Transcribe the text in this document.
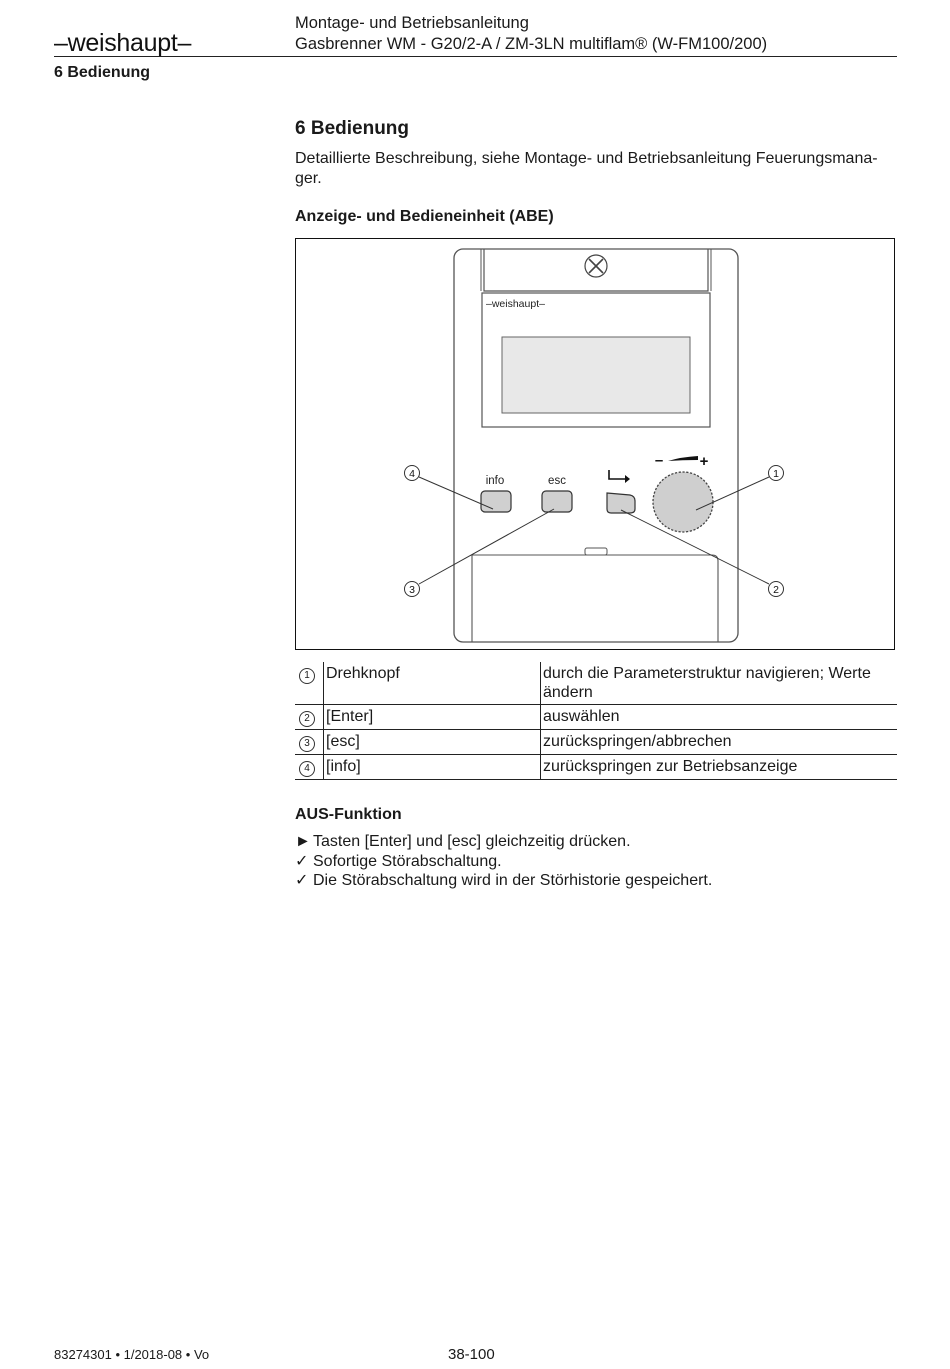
–weishaupt–
Montage- und Betriebsanleitung
Gasbrenner WM - G20/2-A / ZM-3LN multiflam® (W-FM100/200)
6 Bedienung
6 Bedienung
Detaillierte Beschreibung, siehe Montage- und Betriebsanleitung Feuerungsmana-ger.
Anzeige- und Bedieneinheit (ABE)
–weishaupt–
info	esc
– +
4
3
1
2
1	Drehknopf	durch die Parameterstruktur navigieren; Werte ändern
2	[Enter]	auswählen
3	[esc]	zurückspringen/abbrechen
4	[info]	zurückspringen zur Betriebsanzeige
AUS-Funktion
► Tasten [Enter] und [esc] gleichzeitig drücken.
✓ Sofortige Störabschaltung.
✓ Die Störabschaltung wird in der Störhistorie gespeichert.
83274301 • 1/2018-08 • Vo	38-100
